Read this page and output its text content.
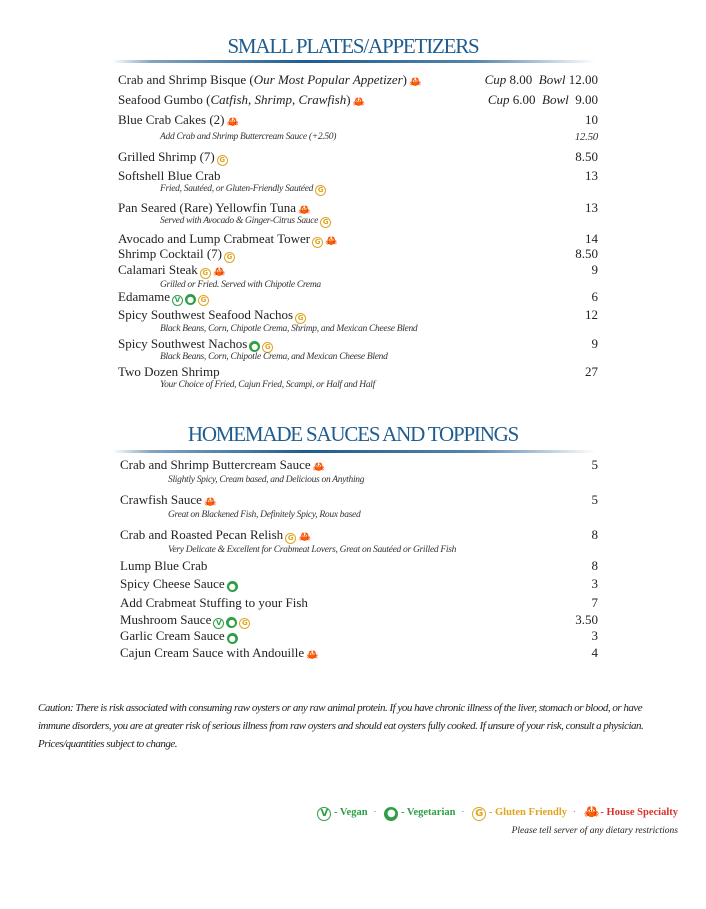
SMALL PLATES/APPETIZERS
Crab and Shrimp Bisque (Our Most Popular Appetizer) 🦀	Cup 8.00  Bowl 12.00
Seafood Gumbo (Catfish, Shrimp, Crawfish) 🦀	Cup 6.00  Bowl  9.00
Blue Crab Cakes (2) 🦀	10
Add Crab and Shrimp Buttercream Sauce (+2.50)	12.50
Grilled Shrimp (7) G	8.50
Softshell Blue Crab	13
Fried, Sautéed, or Gluten-Friendly Sautéed G
Pan Seared (Rare) Yellowfin Tuna 🦀	13
Served with Avocado & Ginger-Citrus Sauce G
Avocado and Lump Crabmeat Tower G 🦀	14
Shrimp Cocktail (7) G	8.50
Calamari Steak G 🦀	9
Grilled or Fried. Served with Chipotle Crema
Edamame V ● G	6
Spicy Southwest Seafood Nachos G	12
Black Beans, Corn, Chipotle Crema, Shrimp, and Mexican Cheese Blend
Spicy Southwest Nachos ● G	9
Black Beans, Corn, Chipotle Crema, and Mexican Cheese Blend
Two Dozen Shrimp	27
Your Choice of Fried, Cajun Fried, Scampi, or Half and Half
HOMEMADE SAUCES AND TOPPINGS
Crab and Shrimp Buttercream Sauce 🦀	5
Slightly Spicy, Cream based, and Delicious on Anything
Crawfish Sauce 🦀	5
Great on Blackened Fish, Definitely Spicy, Roux based
Crab and Roasted Pecan Relish G 🦀	8
Very Delicate & Excellent for Crabmeat Lovers, Great on Sautéed or Grilled Fish
Lump Blue Crab	8
Spicy Cheese Sauce ●	3
Add Crabmeat Stuffing to your Fish	7
Mushroom Sauce V ● G	3.50
Garlic Cream Sauce ●	3
Cajun Cream Sauce with Andouille 🦀	4
Caution: There is risk associated with consuming raw oysters or any raw animal protein. If you have chronic illness of the liver, stomach or blood, or have immune disorders, you are at greater risk of serious illness from raw oysters and should eat oysters fully cooked. If unsure of your risk, consult a physician. Prices/quantities subject to change.
V - Vegan · ● - Vegetarian · G - Gluten Friendly · 🦀 - House Specialty
Please tell server of any dietary restrictions
